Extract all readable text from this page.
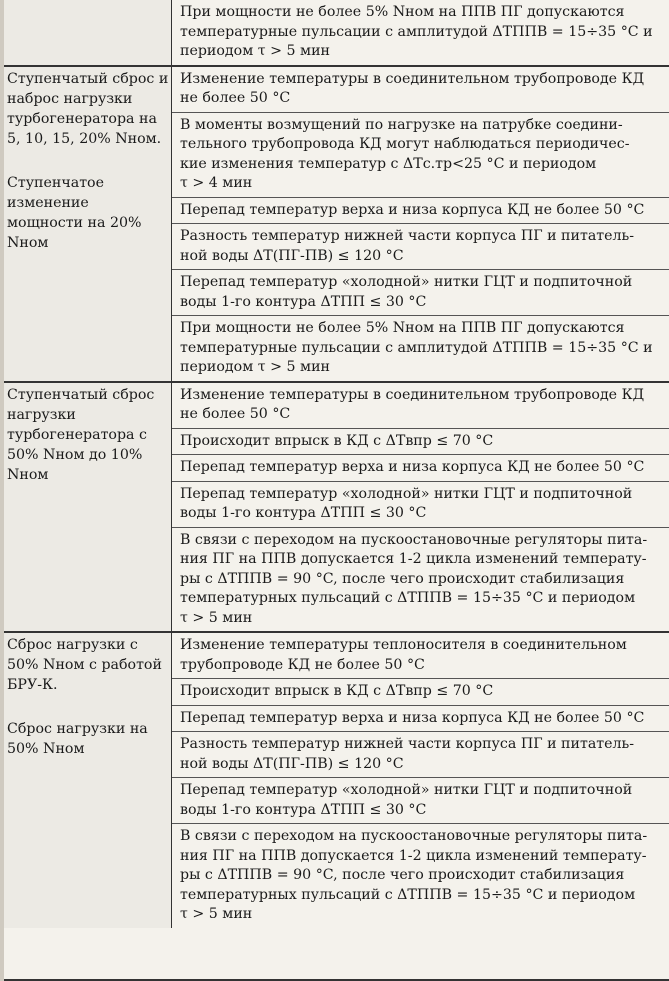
При мощности не более 5% Nном на ППВ ПГ допускаются
температурные пульсации с амплитудой ΔTППВ = 15÷35 °C и
периодом τ > 5 мин
Ступенчатый сброс и наброс нагрузки турбогенератора на 5, 10, 15, 20% Nном.
Ступенчатое изменение мощности на 20% Nном
Изменение температуры в соединительном трубопроводе КД
не более 50 °C
В моменты возмущений по нагрузке на патрубке соедини-
тельного трубопровода КД могут наблюдаться периодичес-
кие изменения температур с ΔTс.тр<25 °C и периодом
τ > 4 мин
Перепад температур верха и низа корпуса КД не более 50 °C
Разность температур нижней части корпуса ПГ и питатель-
ной воды ΔT(ПГ-ПВ) ≤ 120 °C
Перепад температур «холодной» нитки ГЦТ и подпиточной
воды 1-го контура ΔTПП ≤ 30 °C
При мощности не более 5% Nном на ППВ ПГ допускаются
температурные пульсации с амплитудой ΔTППВ = 15÷35 °C и
периодом τ > 5 мин
Ступенчатый сброс нагрузки турбогенератора с 50% Nном до 10% Nном
Изменение температуры в соединительном трубопроводе КД
не более 50 °C
Происходит впрыск в КД с ΔTвпр ≤ 70 °C
Перепад температур верха и низа корпуса КД не более 50 °C
Перепад температур «холодной» нитки ГЦТ и подпиточной
воды 1-го контура ΔTПП ≤ 30 °C
В связи с переходом на пускоостановочные регуляторы пита-
ния ПГ на ППВ допускается 1-2 цикла изменений температу-
ры с ΔTППВ = 90 °C, после чего происходит стабилизация
температурных пульсаций с ΔTППВ = 15÷35 °C и периодом
τ > 5 мин
Сброс нагрузки с 50% Nном с работой БРУ-К.
Сброс нагрузки на 50% Nном
Изменение температуры теплоносителя в соединительном
трубопроводе КД не более 50 °C
Происходит впрыск в КД с ΔTвпр ≤ 70 °C
Перепад температур верха и низа корпуса КД не более 50 °C
Разность температур нижней части корпуса ПГ и питатель-
ной воды ΔT(ПГ-ПВ) ≤ 120 °C
Перепад температур «холодной» нитки ГЦТ и подпиточной
воды 1-го контура ΔTПП ≤ 30 °C
В связи с переходом на пускоостановочные регуляторы пита-
ния ПГ на ППВ допускается 1-2 цикла изменений температу-
ры с ΔTППВ = 90 °C, после чего происходит стабилизация
температурных пульсаций с ΔTППВ = 15÷35 °C и периодом
τ > 5 мин
